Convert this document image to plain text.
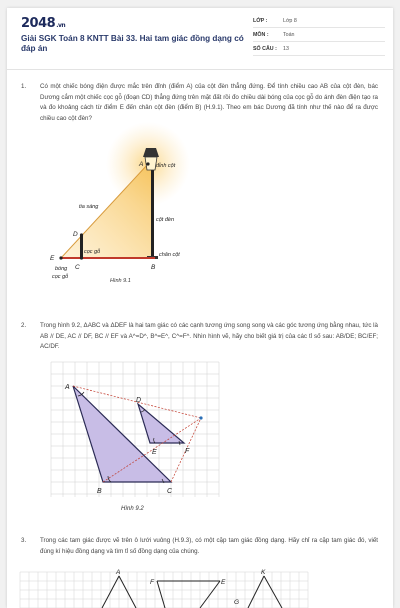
2048.vn
Giải SGK Toán 8 KNTT Bài 33. Hai tam giác đồng dạng có đáp án
LỚP :	Lớp 8
MÔN :	Toán
SỐ CÂU :	13
1. Có một chiếc bóng điện được mắc trên đỉnh (điểm A) của cột đèn thẳng đứng. Để tính chiều cao AB của cột đèn, bác Dương cắm một chiếc cọc gỗ (đoạn CD) thẳng đứng trên mặt đất rồi đo chiều dài bóng của cọc gỗ do ánh đèn điện tạo ra và đo khoảng cách từ điểm E đến chân cột đèn (điểm B) (H.9.1). Theo em bác Dương đã tính như thế nào để ra được chiều cao cột đèn?
A đỉnh cột
tia sáng
cột đèn
D
cọc gỗ
E	chân cột
C	B
bóng
cọc gỗ
Hình 9.1
2. Trong hình 9.2, ΔABC và ΔDEF là hai tam giác có các cạnh tương ứng song song và các góc tương ứng bằng nhau, tức là AB // DE, AC // DF, BC // EF và A^=D^, B^=E^, C^=F^. Nhìn hình vẽ, hãy cho biết giá trị của các tỉ số sau: AB/DE; BC/EF; AC/DF.
A
B	C
D
E	F
Hình 9.2
3. Trong các tam giác được vẽ trên ô lưới vuông (H.9.3), có một cặp tam giác đồng dạng. Hãy chỉ ra cặp tam giác đó, viết đúng kí hiệu đồng dạng và tìm tỉ số đồng dạng của chúng.
A
F	E
K
G
